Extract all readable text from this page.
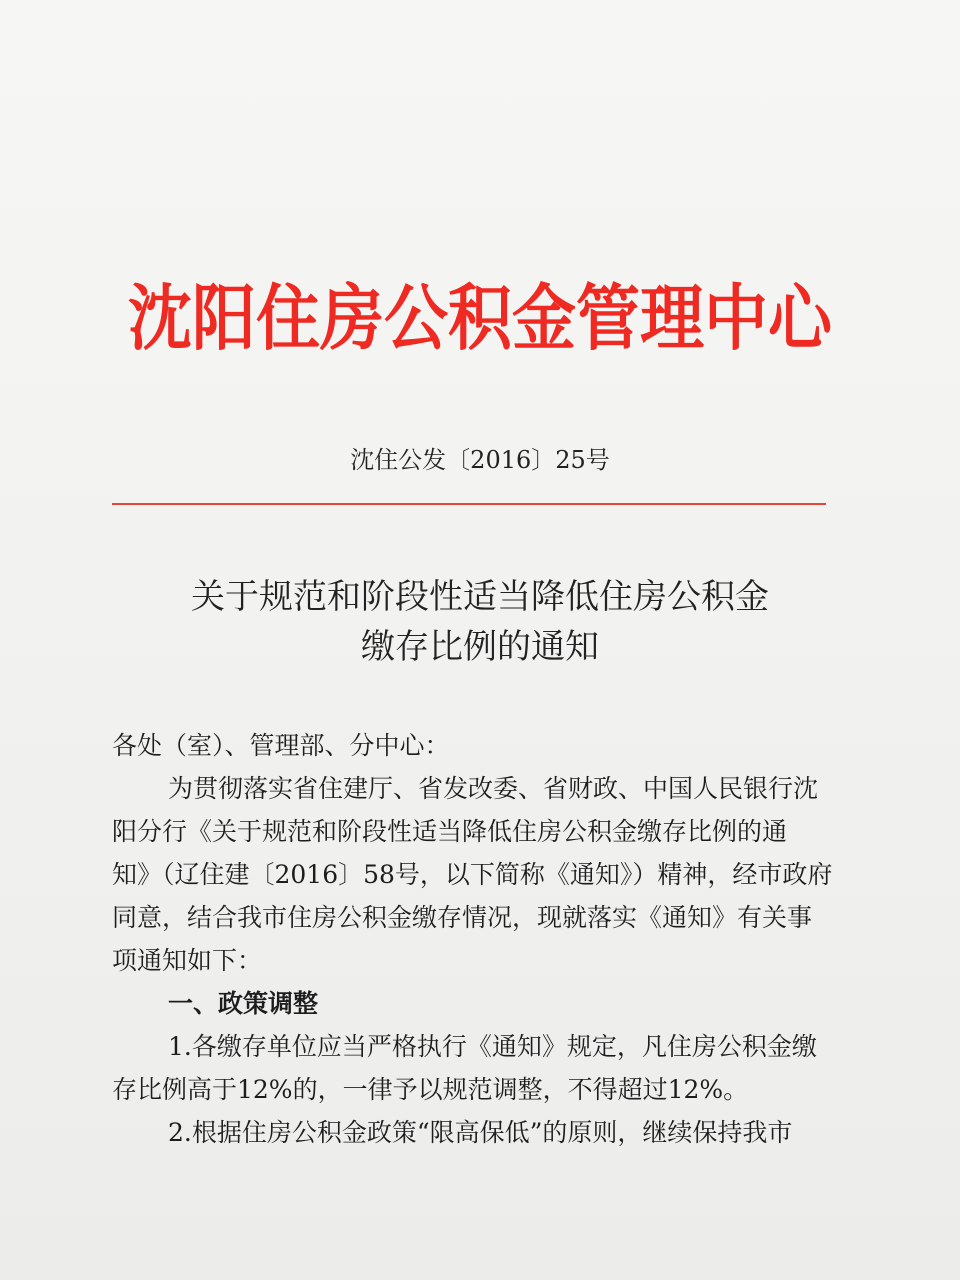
沈阳住房公积金管理中心
沈住公发〔2016〕25号
关于规范和阶段性适当降低住房公积金
缴存比例的通知
各处（室）、管理部、分中心：
为贯彻落实省住建厅、省发改委、省财政、中国人民银行沈
阳分行《关于规范和阶段性适当降低住房公积金缴存比例的通
知》（辽住建〔2016〕58号，以下简称《通知》）精神，经市政府
同意，结合我市住房公积金缴存情况，现就落实《通知》有关事
项通知如下：
一、政策调整
1.各缴存单位应当严格执行《通知》规定，凡住房公积金缴
存比例高于12%的，一律予以规范调整，不得超过12%。
2.根据住房公积金政策“限高保低”的原则，继续保持我市
